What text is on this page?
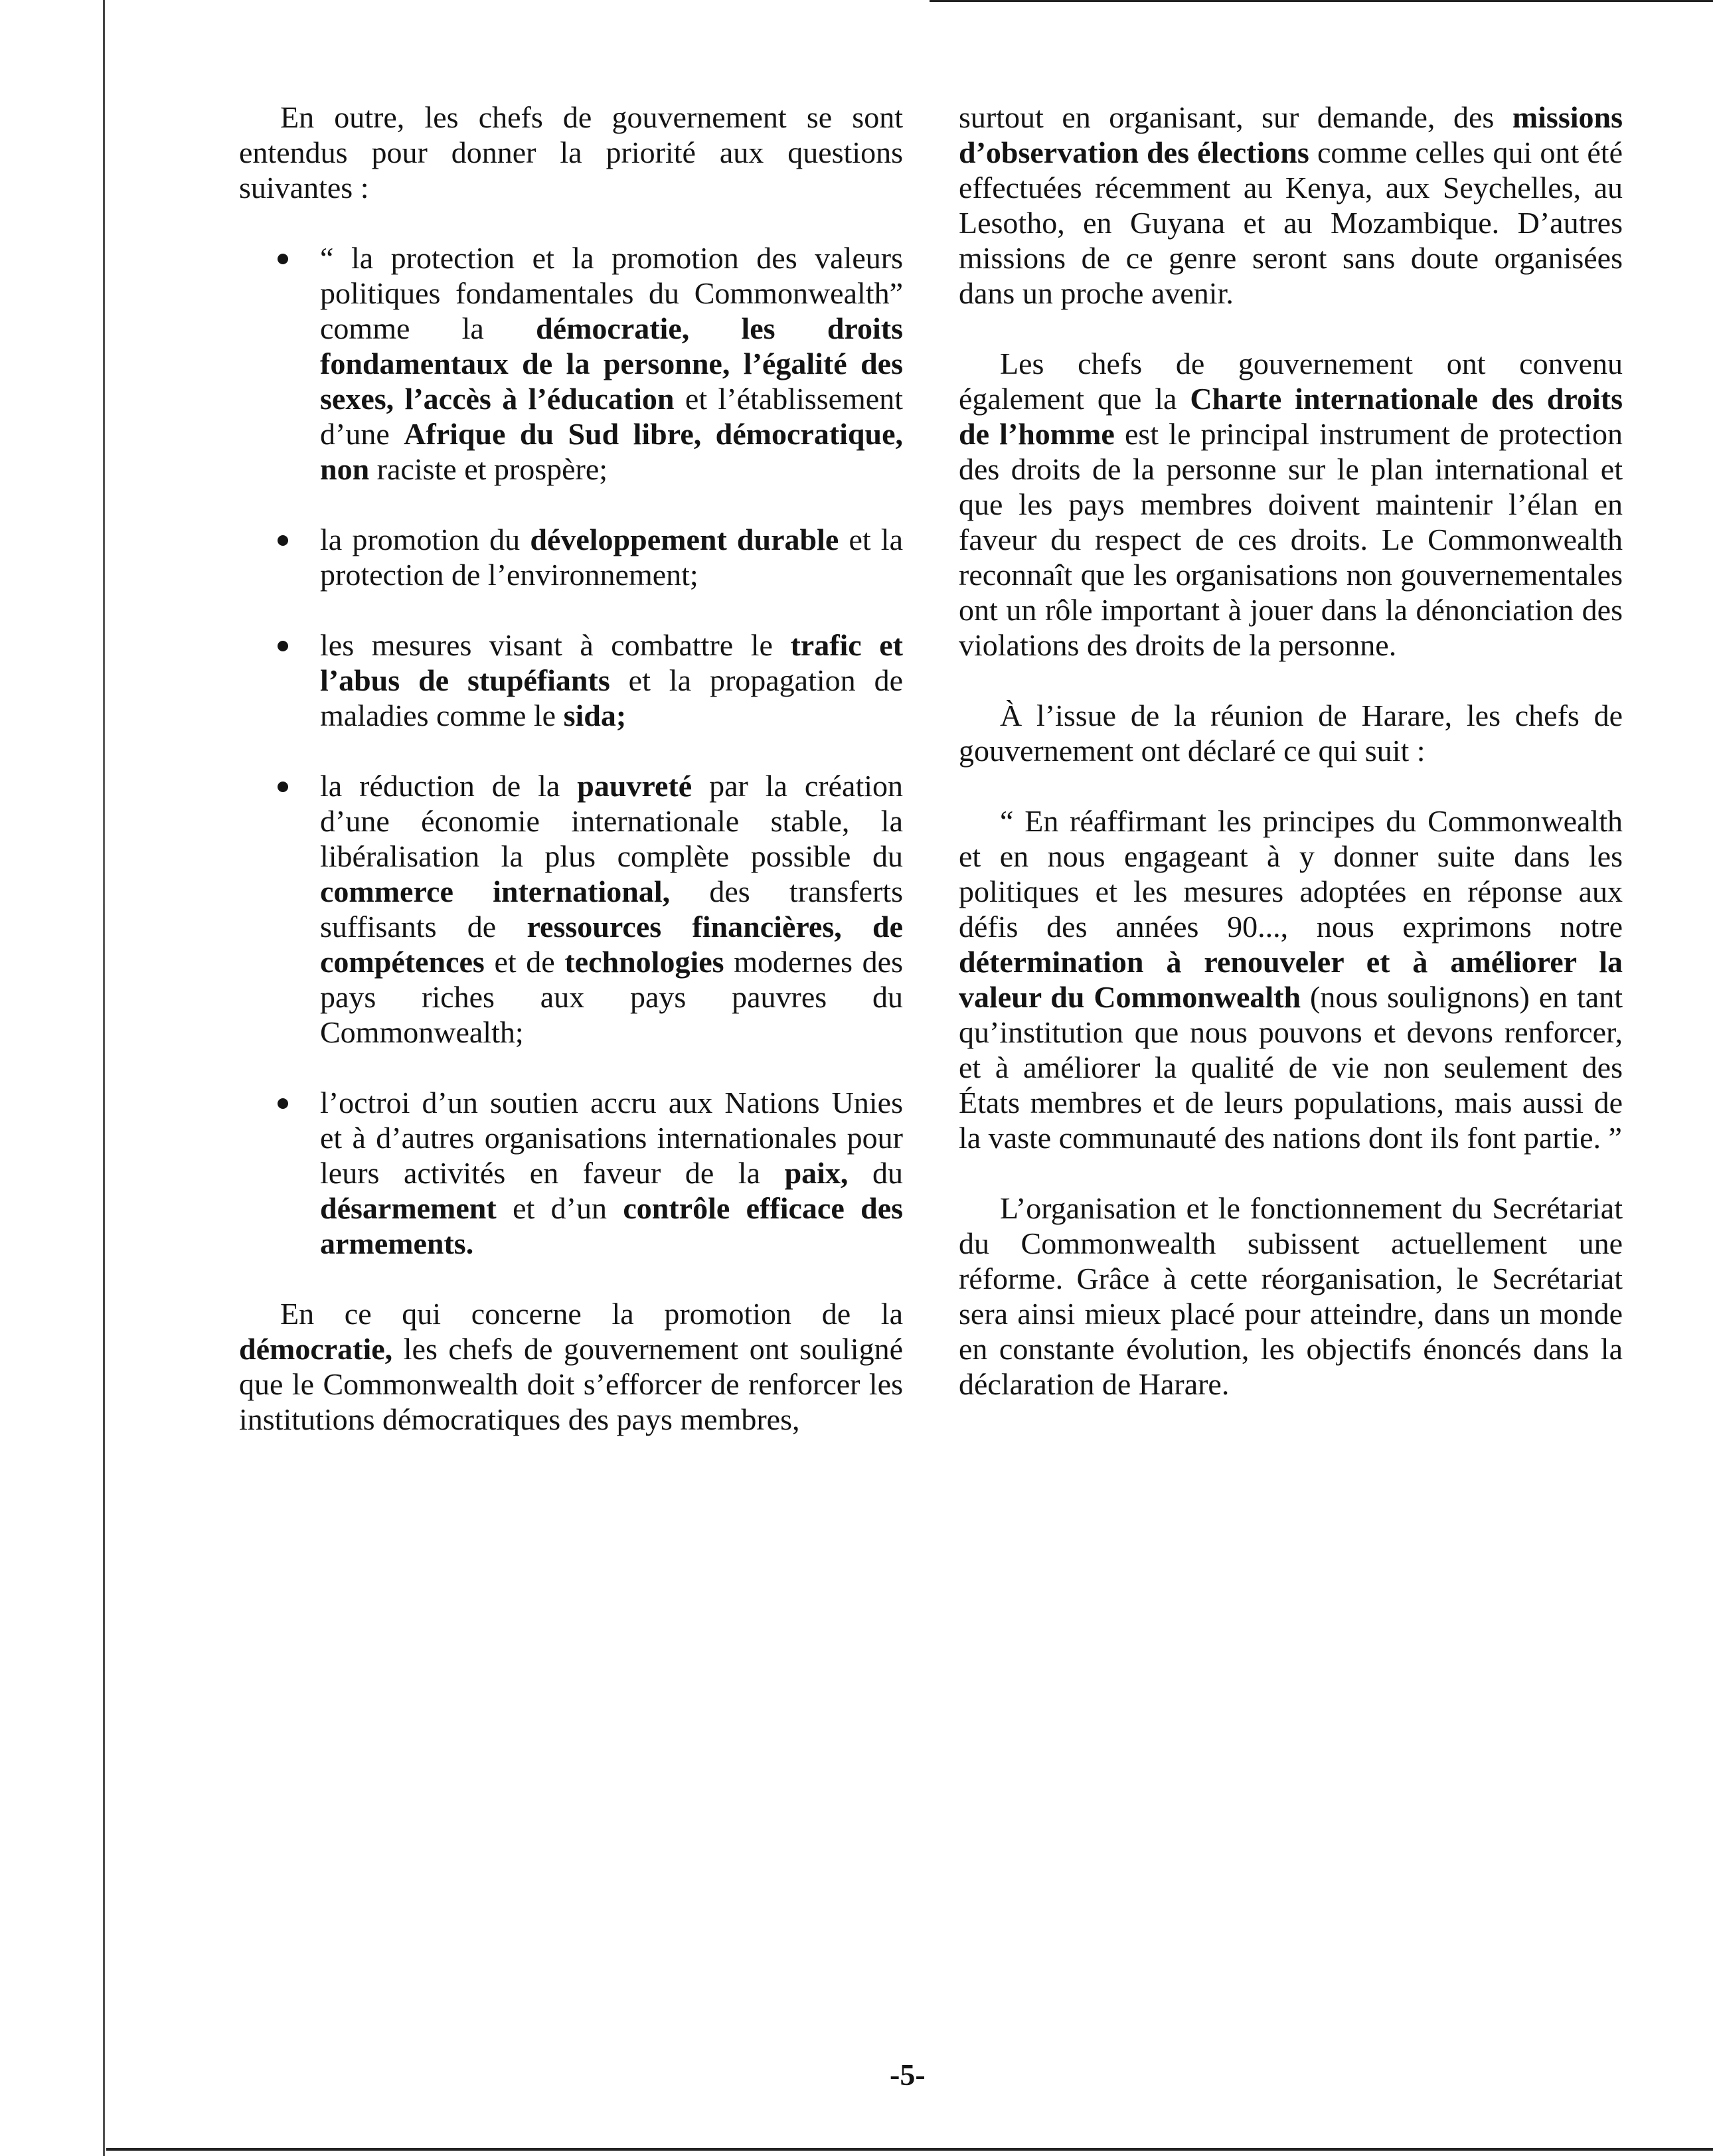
En outre, les chefs de gouvernement se sont entendus pour donner la priorité aux questions suivantes :

“ la protection et la promotion des valeurs politiques fondamentales du Commonwealth” comme la démocratie, les droits fondamentaux de la personne, l’égalité des sexes, l’accès à l’éducation et l’établissement d’une Afrique du Sud libre, démocratique, non raciste et prospère;
la promotion du développement durable et la protection de l’environnement;
les mesures visant à combattre le trafic et l’abus de stupéfiants et la propagation de maladies comme le sida;
la réduction de la pauvreté par la création d’une économie internationale stable, la libéralisation la plus complète possible du commerce international, des transferts suffisants de ressources financières, de compétences et de technologies modernes des pays riches aux pays pauvres du Commonwealth;
l’octroi d’un soutien accru aux Nations Unies et à d’autres organisations internationales pour leurs activités en faveur de la paix, du désarmement et d’un contrôle efficace des armements.

En ce qui concerne la promotion de la démocratie, les chefs de gouvernement ont souligné que le Commonwealth doit s’efforcer de renforcer les institutions démocratiques des pays membres,

surtout en organisant, sur demande, des missions d’observation des élections comme celles qui ont été effectuées récemment au Kenya, aux Seychelles, au Lesotho, en Guyana et au Mozambique. D’autres missions de ce genre seront sans doute organisées dans un proche avenir.

Les chefs de gouvernement ont convenu également que la Charte internationale des droits de l’homme est le principal instrument de protection des droits de la personne sur le plan international et que les pays membres doivent maintenir l’élan en faveur du respect de ces droits. Le Commonwealth reconnaît que les organisations non gouvernementales ont un rôle important à jouer dans la dénonciation des violations des droits de la personne.

À l’issue de la réunion de Harare, les chefs de gouvernement ont déclaré ce qui suit :

“ En réaffirmant les principes du Commonwealth et en nous engageant à y donner suite dans les politiques et les mesures adoptées en réponse aux défis des années 90..., nous exprimons notre détermination à renouveler et à améliorer la valeur du Commonwealth (nous soulignons) en tant qu’institution que nous pouvons et devons renforcer, et à améliorer la qualité de vie non seulement des États membres et de leurs populations, mais aussi de la vaste communauté des nations dont ils font partie. ”

L’organisation et le fonctionnement du Secrétariat du Commonwealth subissent actuellement une réforme. Grâce à cette réorganisation, le Secrétariat sera ainsi mieux placé pour atteindre, dans un monde en constante évolution, les objectifs énoncés dans la déclaration de Harare.

-5-
